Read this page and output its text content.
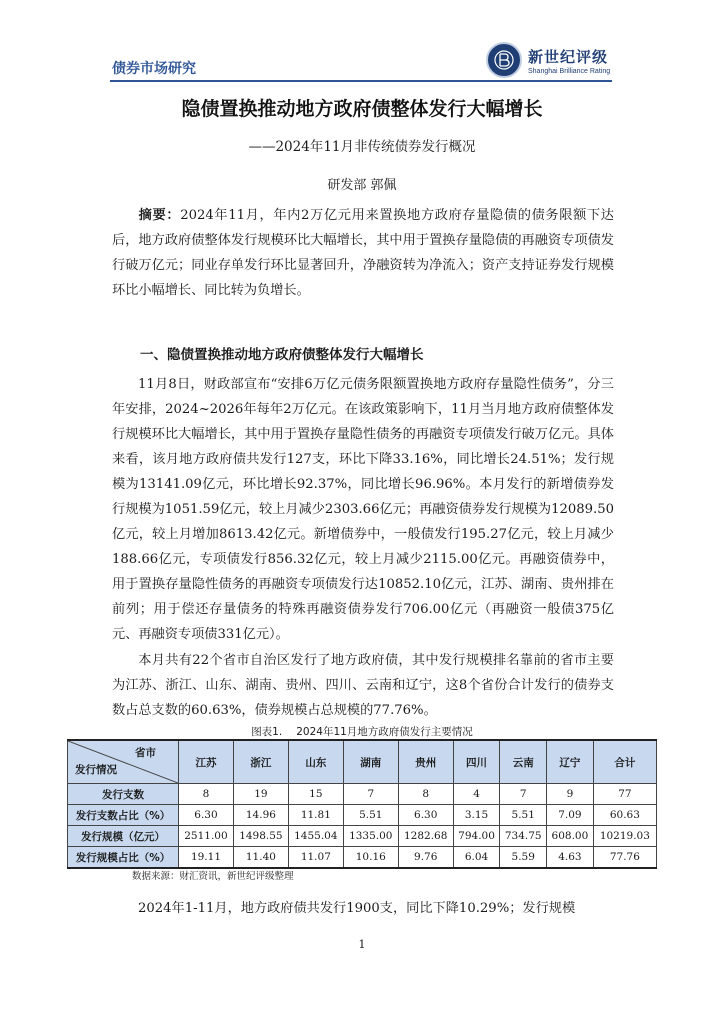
债券市场研究
新世纪评级
Shanghai Brilliance Rating
隐债置换推动地方政府债整体发行大幅增长
——2024年11月非传统债券发行概况
研发部 郭佩

摘要：2024年11月，年内2万亿元用来置换地方政府存量隐债的债务限额下达后，地方政府债整体发行规模环比大幅增长，其中用于置换存量隐债的再融资专项债发行破万亿元；同业存单发行环比显著回升，净融资转为净流入；资产支持证券发行规模环比小幅增长、同比转为负增长。

一、隐债置换推动地方政府债整体发行大幅增长

11月8日，财政部宣布“安排6万亿元债务限额置换地方政府存量隐性债务”，分三年安排，2024~2026年每年2万亿元。在该政策影响下，11月当月地方政府债整体发行规模环比大幅增长，其中用于置换存量隐性债务的再融资专项债发行破万亿元。具体来看，该月地方政府债共发行127支，环比下降33.16%，同比增长24.51%；发行规模为13141.09亿元，环比增长92.37%，同比增长96.96%。本月发行的新增债券发行规模为1051.59亿元，较上月减少2303.66亿元；再融资债券发行规模为12089.50亿元，较上月增加8613.42亿元。新增债券中，一般债发行195.27亿元，较上月减少188.66亿元，专项债发行856.32亿元，较上月减少2115.00亿元。再融资债券中，用于置换存量隐性债务的再融资专项债发行达10852.10亿元，江苏、湖南、贵州排在前列；用于偿还存量债务的特殊再融资债券发行706.00亿元（再融资一般债375亿元、再融资专项债331亿元）。

本月共有22个省市自治区发行了地方政府债，其中发行规模排名靠前的省市主要为江苏、浙江、山东、湖南、贵州、四川、云南和辽宁，这8个省份合计发行的债券支数占总支数的60.63%，债券规模占总规模的77.76%。

图表1. 2024年11月地方政府债发行主要情况
省市
发行情况	江苏	浙江	山东	湖南	贵州	四川	云南	辽宁	合计
发行支数	8	19	15	7	8	4	7	9	77
发行支数占比（%）	6.30	14.96	11.81	5.51	6.30	3.15	5.51	7.09	60.63
发行规模（亿元）	2511.00	1498.55	1455.04	1335.00	1282.68	794.00	734.75	608.00	10219.03
发行规模占比（%）	19.11	11.40	11.07	10.16	9.76	6.04	5.59	4.63	77.76
数据来源：财汇资讯，新世纪评级整理

2024年1-11月，地方政府债共发行1900支，同比下降10.29%；发行规模

1
